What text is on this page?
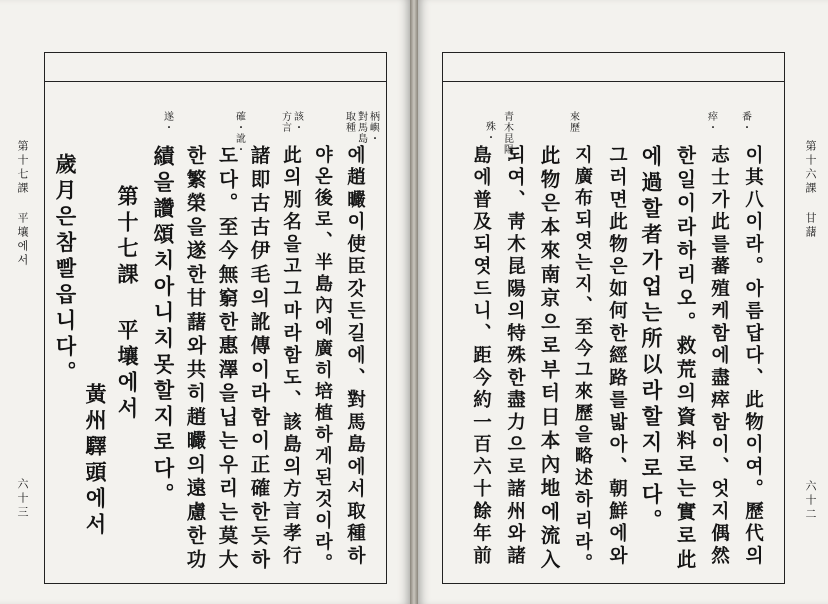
第十七課 平壤에서
六十三
第十六課 甘藷
六十二
柄嶼・
對馬島
取種
該・
方言
確・訛・
遂・
에趙曮이使臣갓든길에、對馬島에서取種하
야온後로、半島內에廣히培植하게된것이라。
此의別名을고그마라함도、該島의方言孝行
諸即古古伊毛의訛傳이라함이正確한듯하
도다。至今無窮한惠澤을닙는우리는莫大
한繁榮을遂한甘藷와共히趙曮의遠慮한功
績을讚頌치아니치못할지로다。
第十七課 平壤에서
黃州驛頭에서
歲月은참빨읍니다。
番・
瘁・
來歷
青木昆陽・
殊・
이其八이라。아름답다、此物이여。歷代의
志士가此를蕃殖케함에盡瘁함이、엇지偶然
한일이라하리오。救荒의資料로는實로此
에過할者가업는所以라할지로다。
그러면此物은如何한經路를밟아、朝鮮에와
지廣布되엿는지、至今그來歷을略述하리라。
此物은本來南京으로부터日本內地에流入
되여、靑木昆陽의特殊한盡力으로諸州와諸
島에普及되엿드니、距今約一百六十餘年前
